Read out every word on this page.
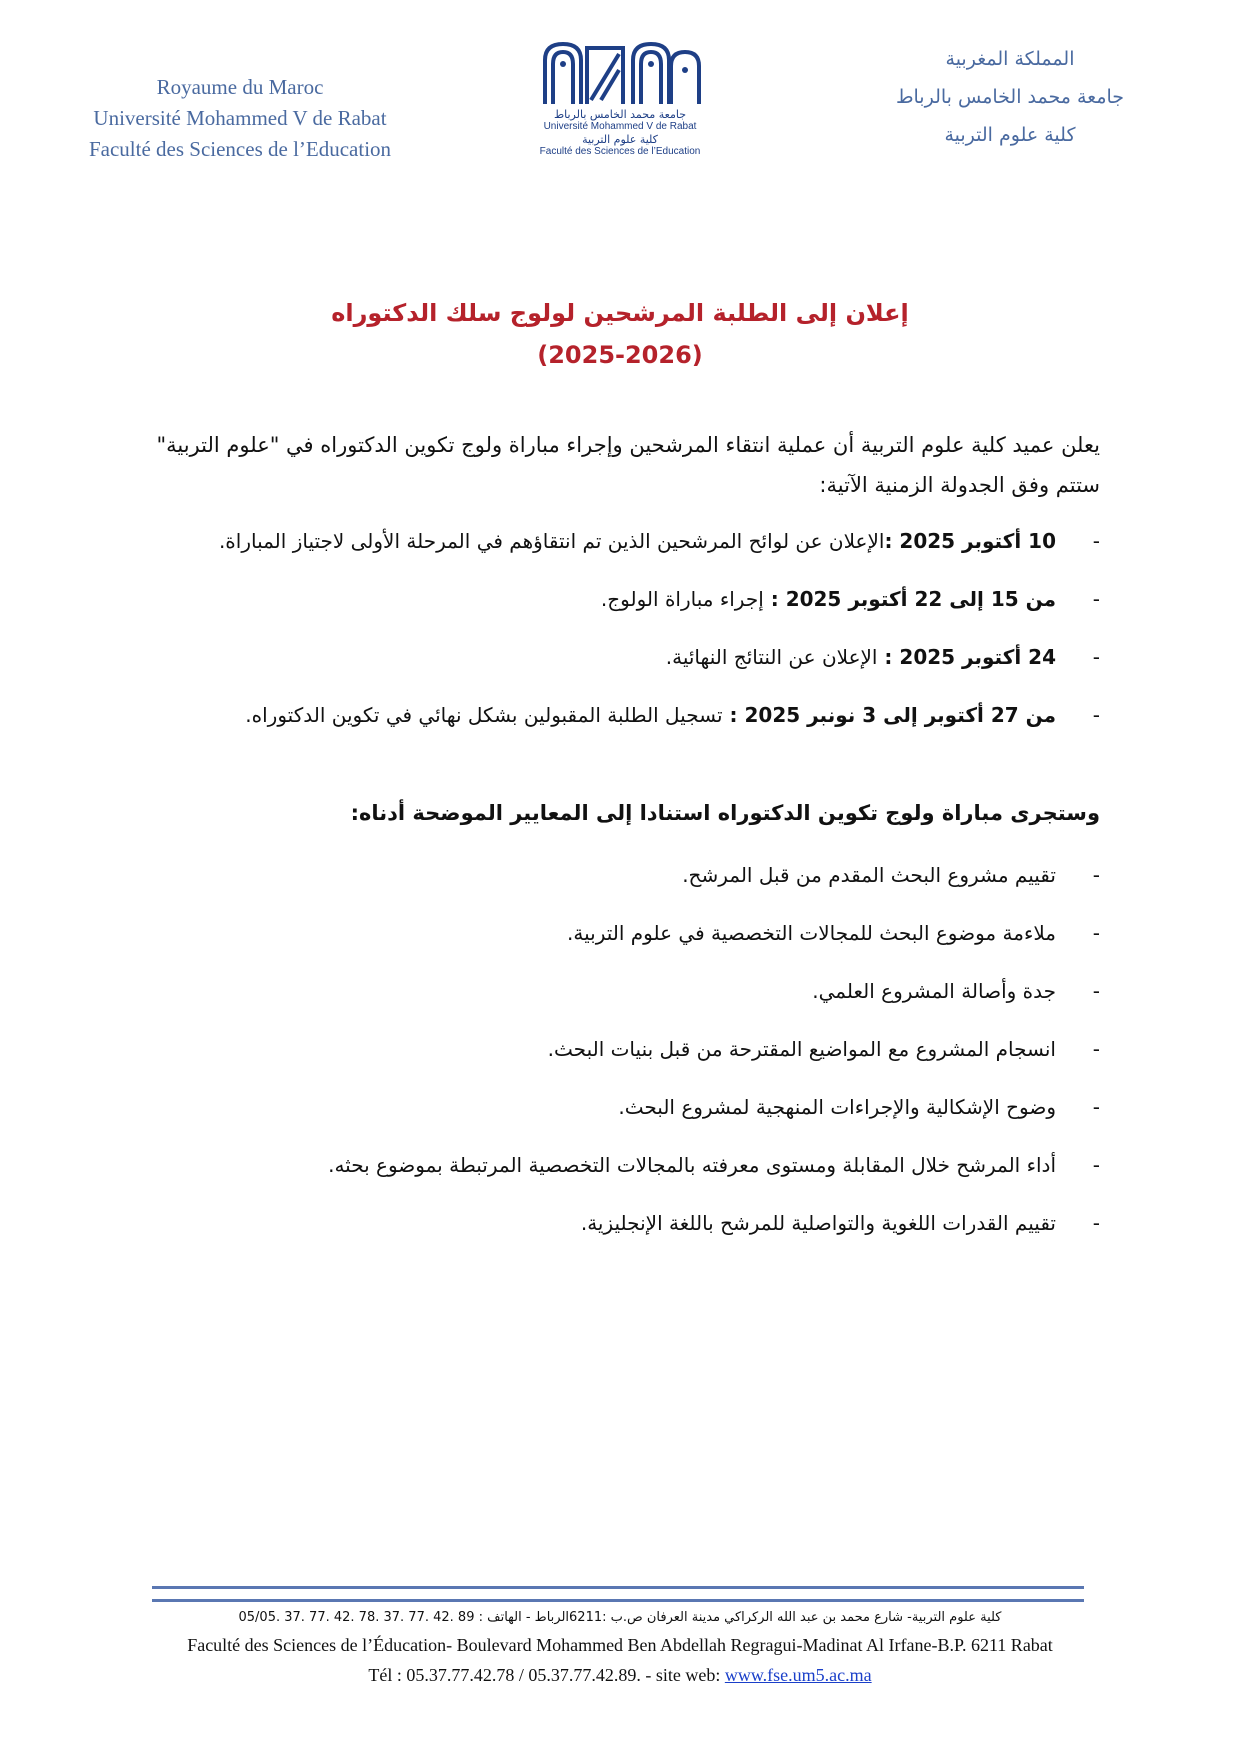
Royaume du Maroc
Université Mohammed V de Rabat
Faculté des Sciences de l’Education
جامعة محمد الخامس بالرباط
Université Mohammed V de Rabat
كلية علوم التربية
Faculté des Sciences de l’Education
المملكة المغربية
جامعة محمد الخامس بالرباط
كلية علوم التربية
إعلان إلى الطلبة المرشحين لولوج سلك الدكتوراه
(2025-2026)

يعلن عميد كلية علوم التربية أن عملية انتقاء المرشحين وإجراء مباراة ولوج تكوين الدكتوراه في "علوم التربية" ستتم وفق الجدولة الزمنية الآتية:

-
10 أكتوبر 2025 :الإعلان عن لوائح المرشحين الذين تم انتقاؤهم في المرحلة الأولى لاجتياز المباراة.
-
من 15 إلى 22 أكتوبر 2025 : إجراء مباراة الولوج.
-
24 أكتوبر 2025 : الإعلان عن النتائج النهائية.
-
من 27 أكتوبر إلى 3 نونبر 2025 : تسجيل الطلبة المقبولين بشكل نهائي في تكوين الدكتوراه.
وستجرى مباراة ولوج تكوين الدكتوراه استنادا إلى المعايير الموضحة أدناه:
-
تقييم مشروع البحث المقدم من قبل المرشح.
-
ملاءمة موضوع البحث للمجالات التخصصية في علوم التربية.
-
جدة وأصالة المشروع العلمي.
-
انسجام المشروع مع المواضيع المقترحة من قبل بنيات البحث.
-
وضوح الإشكالية والإجراءات المنهجية لمشروع البحث.
-
أداء المرشح خلال المقابلة ومستوى معرفته بالمجالات التخصصية المرتبطة بموضوع بحثه.
-
تقييم القدرات اللغوية والتواصلية للمرشح باللغة الإنجليزية.
كلية علوم التربية- شارع محمد بن عبد الله الركراكي مدينة العرفان ص.ب :6211الرباط - الهاتف : 89 .42 .77 .37 .78 .42 .77 .37 .05/05
Faculté des Sciences de l’Éducation- Boulevard Mohammed Ben Abdellah Regragui-Madinat Al Irfane-B.P. 6211 Rabat
Tél : 05.37.77.42.78 / 05.37.77.42.89. - site web: www.fse.um5.ac.ma
